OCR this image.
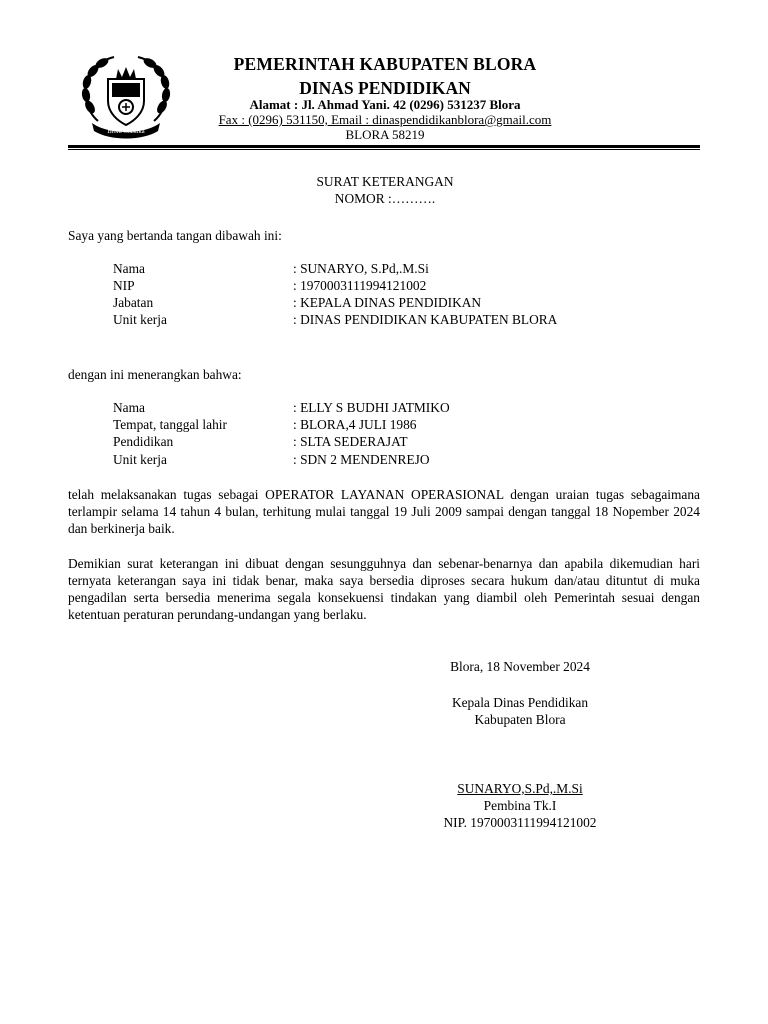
Blora Mustika
PEMERINTAH KABUPATEN BLORA
DINAS PENDIDIKAN
Alamat : Jl. Ahmad Yani. 42 (0296) 531237 Blora
Fax : (0296) 531150, Email : dinaspendidikanblora@gmail.com
BLORA 58219
SURAT KETERANGAN
NOMOR :……….
Saya yang bertanda tangan dibawah ini:
Nama	: SUNARYO, S.Pd,.M.Si
NIP	: 1970003111994121002
Jabatan	: KEPALA DINAS PENDIDIKAN
Unit kerja	: DINAS PENDIDIKAN KABUPATEN BLORA
dengan ini menerangkan bahwa:
Nama	: ELLY S BUDHI JATMIKO
Tempat, tanggal lahir	: BLORA,4 JULI 1986
Pendidikan	: SLTA SEDERAJAT
Unit kerja	: SDN 2 MENDENREJO
telah melaksanakan tugas sebagai OPERATOR LAYANAN OPERASIONAL dengan uraian tugas sebagaimana terlampir selama 14 tahun 4 bulan, terhitung mulai tanggal 19 Juli 2009 sampai dengan tanggal 18 Nopember 2024 dan berkinerja baik.
Demikian surat keterangan ini dibuat dengan sesungguhnya dan sebenar-benarnya dan apabila dikemudian hari ternyata keterangan saya ini tidak benar, maka saya bersedia diproses secara hukum dan/atau dituntut di muka pengadilan serta bersedia menerima segala konsekuensi tindakan yang diambil oleh Pemerintah sesuai dengan ketentuan peraturan perundang-undangan yang berlaku.
Blora, 18 November 2024
Kepala Dinas Pendidikan
Kabupaten Blora
SUNARYO,S.Pd,.M.Si
Pembina Tk.I
NIP. 1970003111994121002
